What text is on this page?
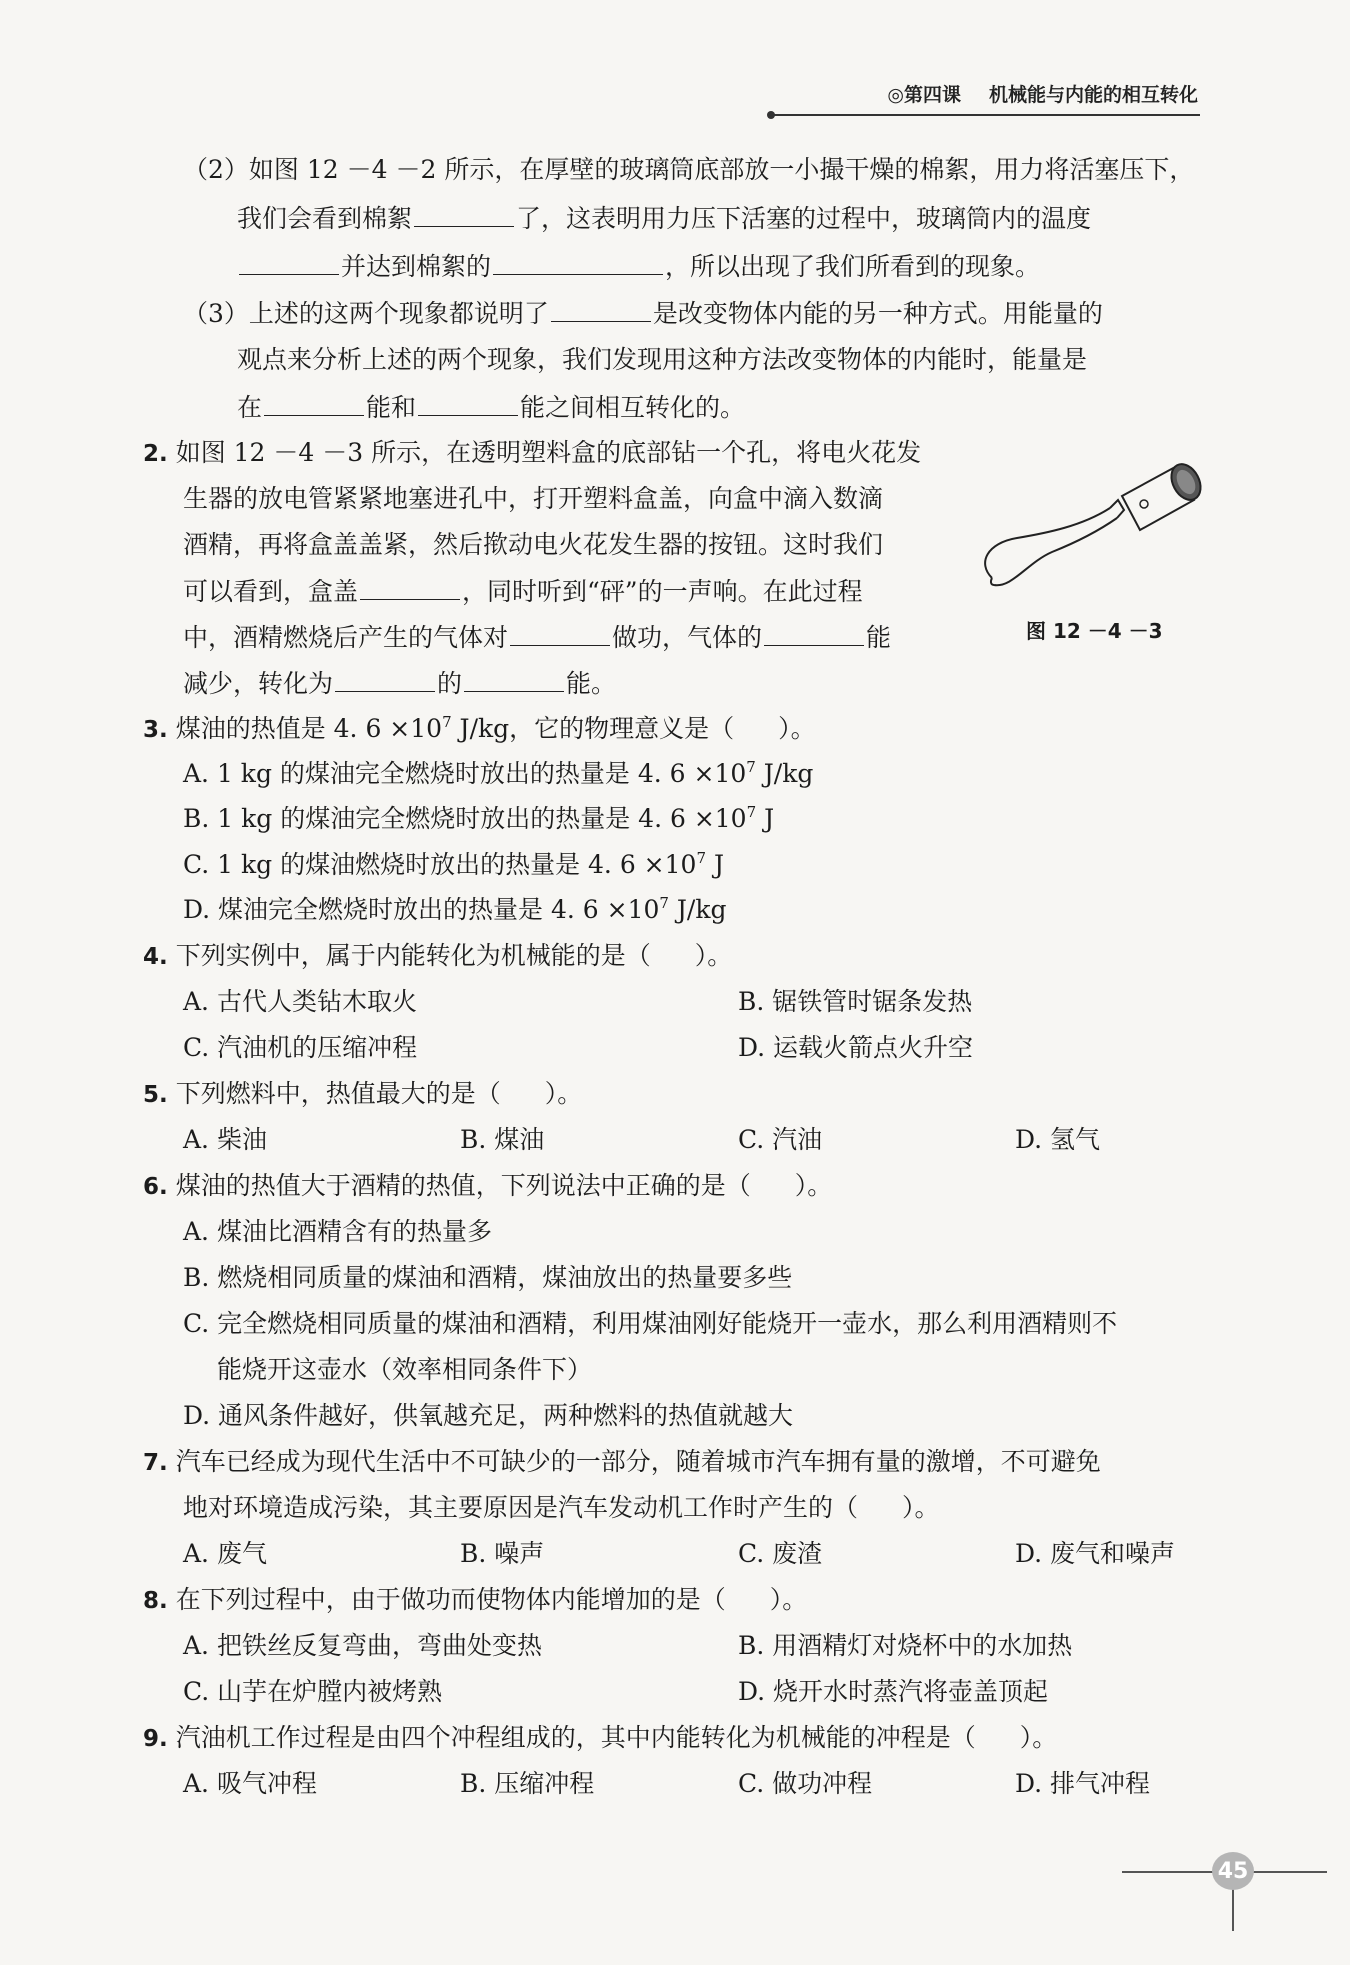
◎第四课 机械能与内能的相互转化
（2）如图 12 －4 －2 所示，在厚壁的玻璃筒底部放一小撮干燥的棉絮，用力将活塞压下，
我们会看到棉絮	了，这表明用力压下活塞的过程中，玻璃筒内的温度
并达到棉絮的	，所以出现了我们所看到的现象。
（3）上述的这两个现象都说明了	是改变物体内能的另一种方式。用能量的
观点来分析上述的两个现象，我们发现用这种方法改变物体的内能时，能量是
在	能和	能之间相互转化的。
2. 如图 12 －4 －3 所示，在透明塑料盒的底部钻一个孔，将电火花发
生器的放电管紧紧地塞进孔中，打开塑料盒盖，向盒中滴入数滴
酒精，再将盒盖盖紧，然后揿动电火花发生器的按钮。这时我们
可以看到，盒盖	，同时听到“砰”的一声响。在此过程
中，酒精燃烧后产生的气体对	做功，气体的	能
减少，转化为	的	能。
图 12 －4 －3
3. 煤油的热值是 4. $6 \times 10^7$ J/kg，它的物理意义是（ ）。
A. 1 kg 的煤油完全燃烧时放出的热量是 4. $6 \times 10^7$ J/kg
B. 1 kg 的煤油完全燃烧时放出的热量是 4. $6 \times 10^7$ J
C. 1 kg 的煤油燃烧时放出的热量是 4. $6 \times 10^7$ J
D. 煤油完全燃烧时放出的热量是 4. $6 \times 10^7$ J/kg
4. 下列实例中，属于内能转化为机械能的是（ ）。
A. 古代人类钻木取火	B. 锯铁管时锯条发热
C. 汽油机的压缩冲程	D. 运载火箭点火升空
5. 下列燃料中，热值最大的是（ ）。
A. 柴油	B. 煤油	C. 汽油	D. 氢气
6. 煤油的热值大于酒精的热值，下列说法中正确的是（ ）。
A. 煤油比酒精含有的热量多
B. 燃烧相同质量的煤油和酒精，煤油放出的热量要多些
C. 完全燃烧相同质量的煤油和酒精，利用煤油刚好能烧开一壶水，那么利用酒精则不
能烧开这壶水（效率相同条件下）
D. 通风条件越好，供氧越充足，两种燃料的热值就越大
7. 汽车已经成为现代生活中不可缺少的一部分，随着城市汽车拥有量的激增，不可避免
地对环境造成污染，其主要原因是汽车发动机工作时产生的（ ）。
A. 废气	B. 噪声	C. 废渣	D. 废气和噪声
8. 在下列过程中，由于做功而使物体内能增加的是（ ）。
A. 把铁丝反复弯曲，弯曲处变热	B. 用酒精灯对烧杯中的水加热
C. 山芋在炉膛内被烤熟	D. 烧开水时蒸汽将壶盖顶起
9. 汽油机工作过程是由四个冲程组成的，其中内能转化为机械能的冲程是（ ）。
A. 吸气冲程	B. 压缩冲程	C. 做功冲程	D. 排气冲程
45
